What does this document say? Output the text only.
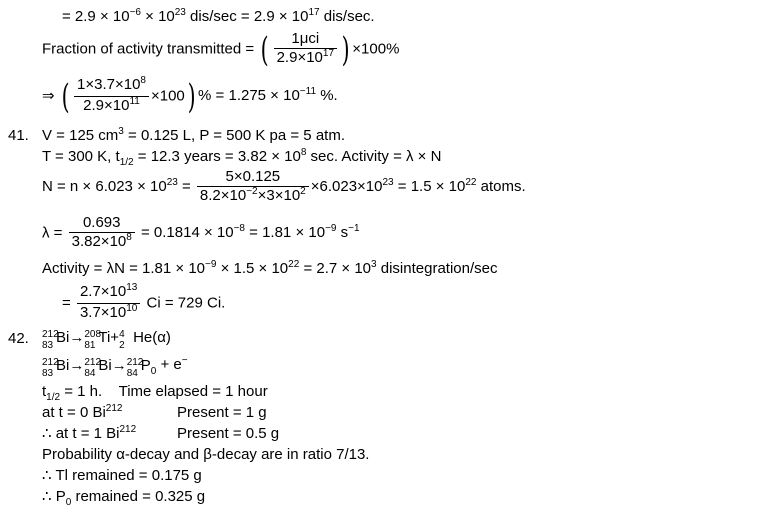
= $2.9 \times 10^{-6} \times 10^{23}$ $dis/\sec = 2.9 \times 10^{17}$ dis/sec.
Fraction of activity transmitted = ( $\frac{\text{1μci}}{2.9\times 10^{17}}$ ) ×100%
⇒ ( $\frac{1\times 3.7\times 10^8}{2.9\times 10^{11}} \times 100$) % = $1.275 \times 10^{-11}$ %.
41. V = 125 $cm^3 = 0.125$ L, P = 500 K pa = 5 atm.
T = 300 K, $t_{1/2} = 12.3$ years = $3.82 \times 10^8$ sec. Activity = λ × N
$N = n \times 6.023 \times 10^{23} = \frac{5\times 0.125}{8.2\times 10^{-2}\times 3\times 10^2} \times 6.023\times 10^{23} = 1.5 \times 10^{22}$ atoms.
$\lambda = \frac{0.693}{3.82\times 10^8} = 0.1814 \times 10^{-8} = 1.81 \times 10^{-9}$ $s^{-1}$
Activity = $\lambda N = 1.81 \times 10^{-9} \times 1.5 \times 10^{22} = 2.7 \times 10^3$ disintegration/sec
= $\frac{2.7\times 10^{13}}{3.7\times 10^{10}}$ Ci = 729 Ci.
42. 212
83 Bi→ 208
81 Ti+ 4
2 He(α)
212
83 Bi→ 212
84 Bi→ 212
84 $P_0 + e^-$
$t_{1/2} = 1$ h.    Time elapsed = 1 hour
at t = 0 Bi$^{212}$	Present = 1 g
∴ at t = 1 Bi$^{212}$	Present = 0.5 g
Probability α-decay and β-decay are in ratio 7/13.
∴ Tl remained = 0.175 g
∴ $P_0$ remained = 0.325 g
